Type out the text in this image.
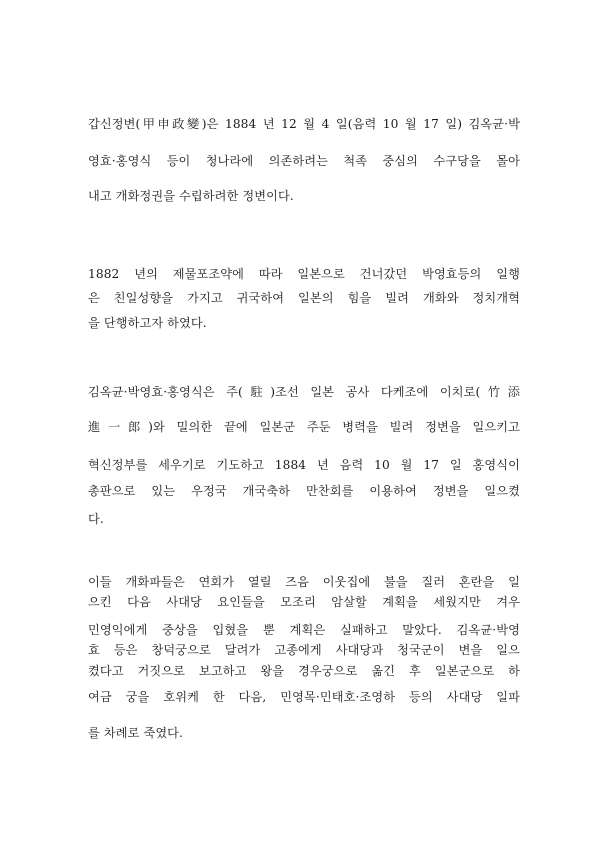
갑신정변(甲申政變)은 1884 년 12 월 4 일(음력 10 월 17 일) 김옥균·박
영효·홍영식 등이 청나라에 의존하려는 척족 중심의 수구당을 몰아
내고 개화정권을 수립하려한 정변이다.
1882 년의 제물포조약에 따라 일본으로 건너갔던 박영효등의 일행
은 친일성향을 가지고 귀국하여 일본의 힘을 빌려 개화와 정치개혁
을 단행하고자 하였다.
김옥균·박영효·홍영식은 주(駐)조선 일본 공사 다케조에 이치로(竹添
進一郎)와 밀의한 끝에 일본군 주둔 병력을 빌려 정변을 일으키고
혁신정부를 세우기로 기도하고 1884 년 음력 10 월 17 일 홍영식이
총판으로 있는 우정국 개국축하 만찬회를 이용하여 정변을 일으켰
다.
이들 개화파들은 연회가 열릴 즈음 이웃집에 불을 질러 혼란을 일
으킨 다음 사대당 요인들을 모조리 암살할 계획을 세웠지만 겨우
민영익에게 중상을 입혔을 뿐 계획은 실패하고 말았다. 김옥균·박영
효 등은 창덕궁으로 달려가 고종에게 사대당과 청국군이 변을 일으
켰다고 거짓으로 보고하고 왕을 경우궁으로 옮긴 후 일본군으로 하
여금 궁을 호위케 한 다음, 민영목·민태호·조영하 등의 사대당 일파
를 차례로 죽였다.
